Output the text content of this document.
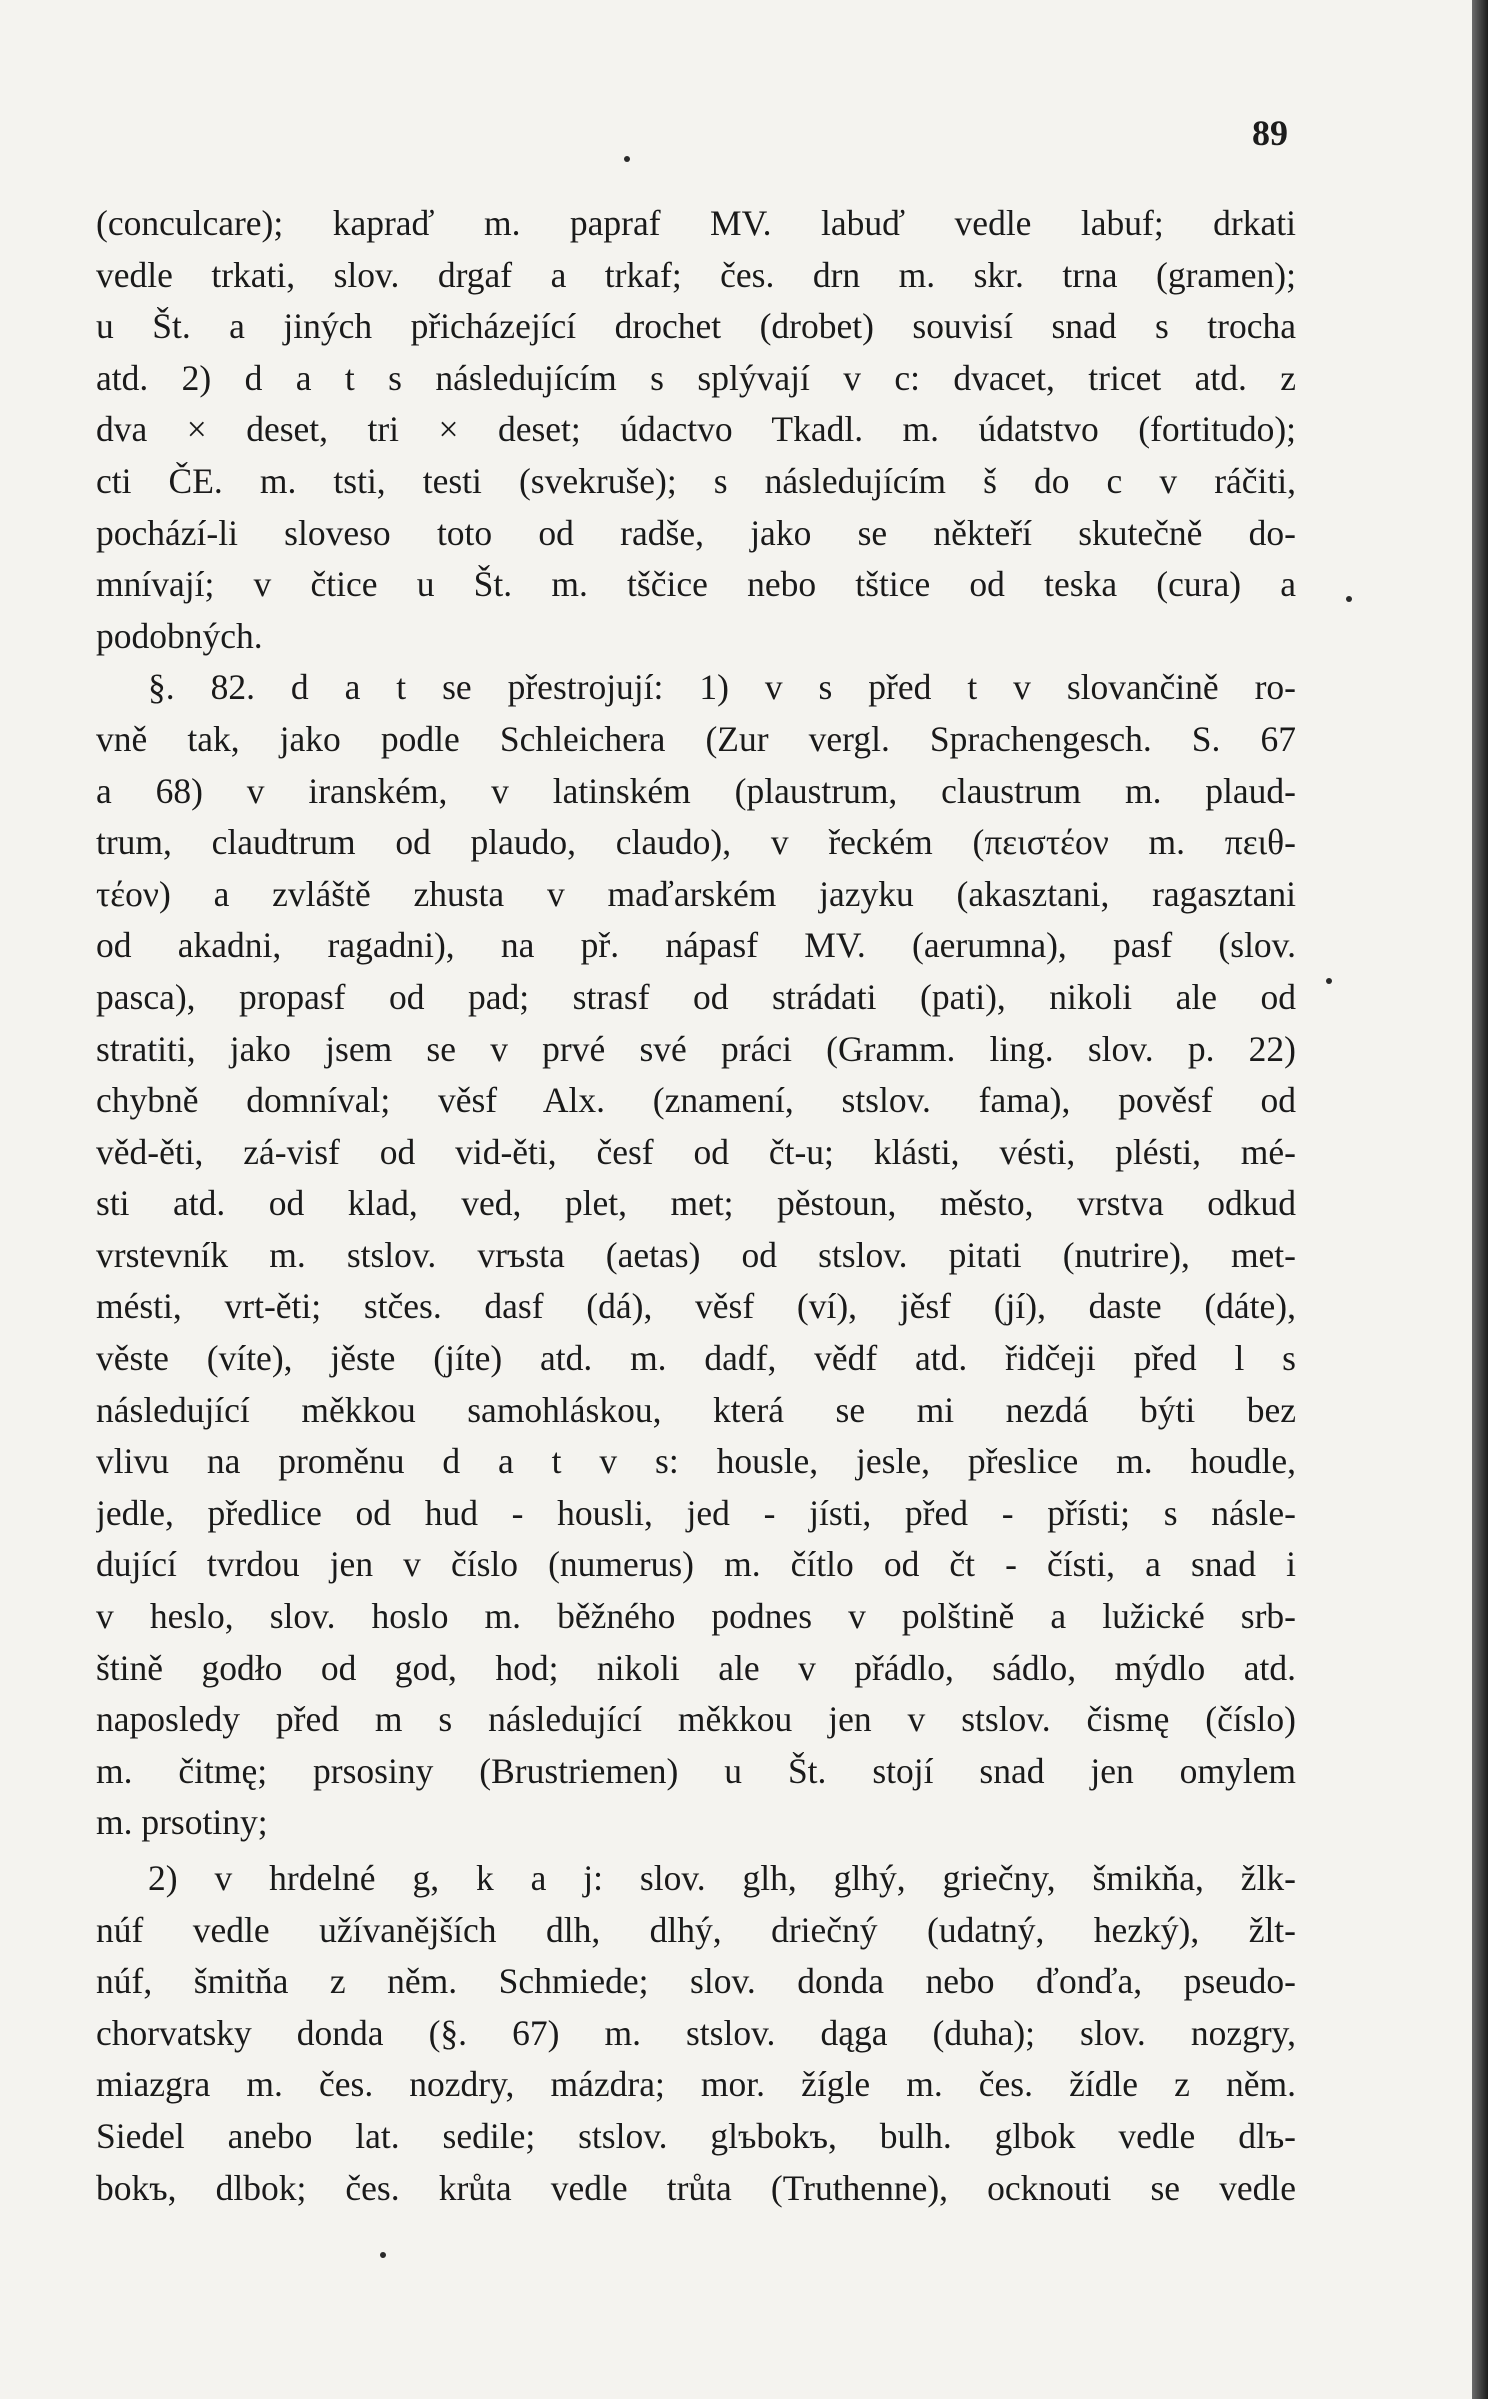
89
(conculcare); kapraď m. papraf MV. labuď vedle labuf; drkati
vedle trkati, slov. drgaf a trkaf; čes. drn m. skr. trna (gramen);
u Št. a jiných přicházející drochet (drobet) souvisí snad s trocha
atd. 2) d a t s následujícím s splývají v c: dvacet, tricet atd. z
dva × deset, tri × deset; údactvo Tkadl. m. údatstvo (fortitudo);
cti ČE. m. tsti, testi (svekruše); s následujícím š do c v ráčiti,
pochází-li sloveso toto od radše, jako se někteří skutečně do-
mnívají; v čtice u Št. m. tščice nebo tštice od teska (cura) a
podobných.
§. 82. d a t se přestrojují: 1) v s před t v slovančině ro-
vně tak, jako podle Schleichera (Zur vergl. Sprachengesch. S. 67
a 68) v iranském, v latinském (plaustrum, claustrum m. plaud-
trum, claudtrum od plaudo, claudo), v řeckém (πειστέον m. πειθ-
τέον) a zvláště zhusta v maďarském jazyku (akasztani, ragasztani
od akadni, ragadni), na př. nápasf MV. (aerumna), pasf (slov.
pasca), propasf od pad; strasf od strádati (pati), nikoli ale od
stratiti, jako jsem se v prvé své práci (Gramm. ling. slov. p. 22)
chybně domníval; věsf Alx. (znamení, stslov. fama), pověsf od
věd-ěti, zá-visf od vid-ěti, česf od čt-u; klásti, vésti, plésti, mé-
sti atd. od klad, ved, plet, met; pěstoun, město, vrstva odkud
vrstevník m. stslov. vrъsta (aetas) od stslov. pitati (nutrire), met-
mésti, vrt-ěti; stčes. dasf (dá), věsf (ví), jěsf (jí), daste (dáte),
věste (víte), jěste (jíte) atd. m. dadf, vědf atd. řidčeji před l s
následující měkkou samohláskou, která se mi nezdá býti bez
vlivu na proměnu d a t v s: housle, jesle, přeslice m. houdle,
jedle, předlice od hud - housli, jed - jísti, před - přísti; s násle-
dující tvrdou jen v číslo (numerus) m. čítlo od čt - čísti, a snad i
v heslo, slov. hoslo m. běžného podnes v polštině a lužické srb-
štině godło od god, hod; nikoli ale v přádlo, sádlo, mýdlo atd.
naposledy před m s následující měkkou jen v stslov. čismę (číslo)
m. čitmę; prsosiny (Brustriemen) u Št. stojí snad jen omylem
m. prsotiny;
2) v hrdelné g, k a j: slov. glh, glhý, griečny, šmikňa, žlk-
núf vedle užívanějších dlh, dlhý, driečný (udatný, hezký), žlt-
núf, šmitňa z něm. Schmiede; slov. donda nebo ďonďa, pseudo-
chorvatsky donda (§. 67) m. stslov. dąga (duha); slov. nozgry,
miazgra m. čes. nozdry, mázdra; mor. žígle m. čes. žídle z něm.
Siedel anebo lat. sedile; stslov. glъbokъ, bulh. glbok vedle dlъ-
bokъ, dlbok; čes. krůta vedle trůta (Truthenne), ocknouti se vedle
